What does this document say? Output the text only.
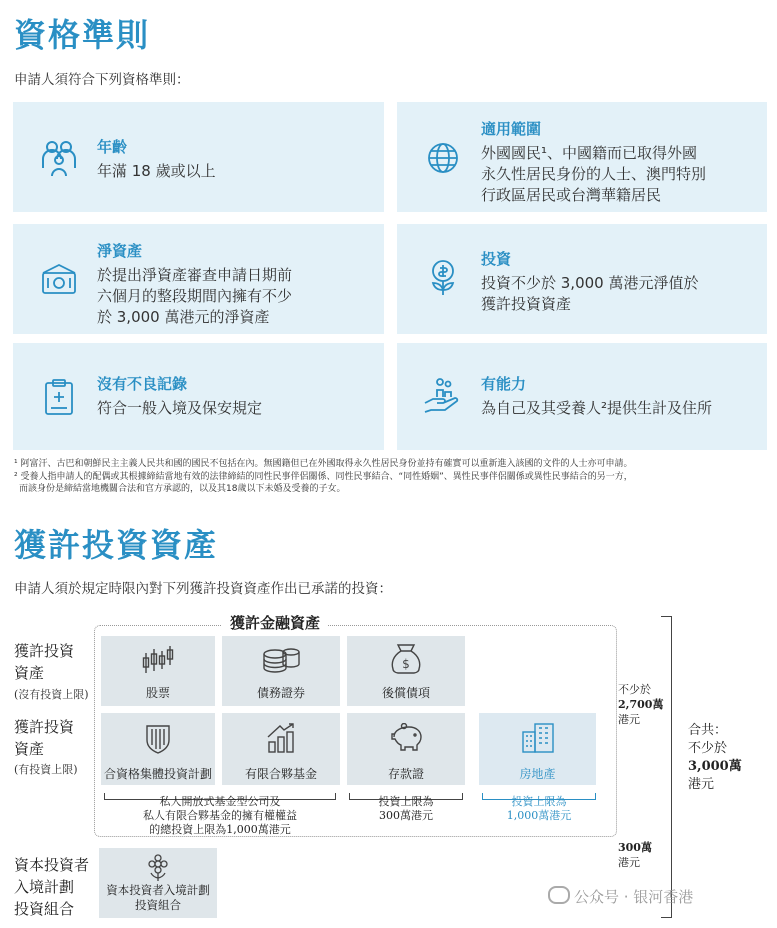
資格準則
申請人須符合下列資格準則：
年齡
年滿 18 歲或以上
適用範圍
外國國民¹、中國籍而已取得外國
永久性居民身份的人士、澳門特別
行政區居民或台灣華籍居民
淨資產
於提出淨資產審查申請日期前
六個月的整段期間內擁有不少
於 3,000 萬港元的淨資產
投資
投資不少於 3,000 萬港元淨值於
獲許投資資產
沒有不良記錄
符合一般入境及保安規定
有能力
為自己及其受養人²提供生計及住所
¹ 阿富汗、古巴和朝鮮民主主義人民共和國的國民不包括在內。無國籍但已在外國取得永久性居民身份並持有確實可以重新進入該國的文件的人士亦可申請。
² 受養人指申請人的配偶或其根據締結當地有效的法律締結的同性民事伴侶關係、同性民事結合、“同性婚姻”、異性民事伴侶關係或異性民事結合的另一方，
而該身份是締結當地機關合法和官方承認的，以及其18歲以下未婚及受養的子女。
獲許投資資產
申請人須於規定時限內對下列獲許投資資產作出已承諾的投資：
獲許金融資產
獲許投資
資產
(沒有投資上限)
獲許投資
資產
(有投資上限)
資本投資者
入境計劃
投資組合
股票	債務證券
$
後償債項
合資格集體投資計劃	有限合夥基金	存款證	房地產
私人開放式基金型公司及
私人有限合夥基金的擁有權權益
的總投資上限為1,000萬港元
投資上限為
300萬港元
投資上限為
1,000萬港元
資本投資者入境計劃
投資組合
不少於
2,700萬
港元
300萬
港元
合共：
不少於
3,000萬
港元
公众号 · 银河香港
